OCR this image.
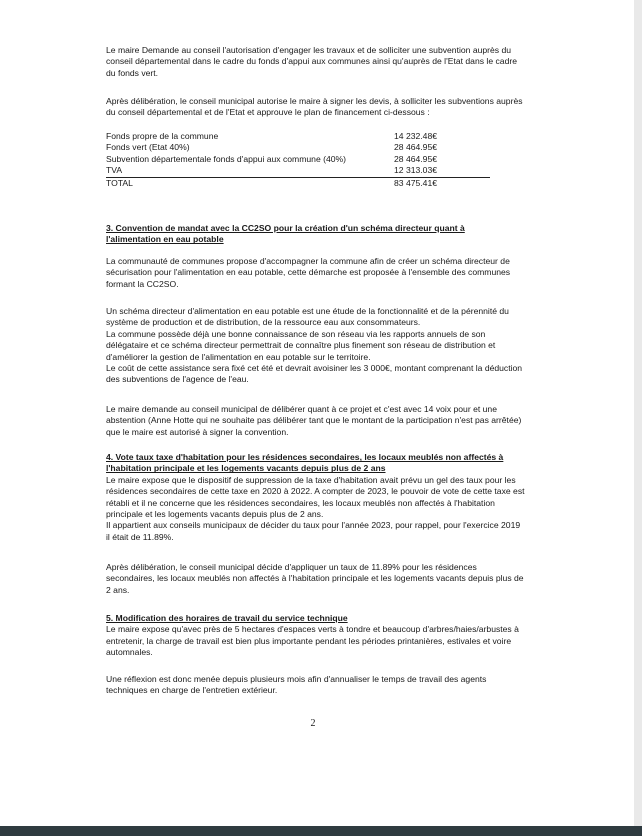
Le maire Demande au conseil l'autorisation d'engager les travaux et de solliciter une subvention auprès du conseil départemental dans le cadre du fonds d'appui aux communes ainsi qu'auprès de l'Etat dans le cadre du fonds vert.

Après délibération, le conseil municipal autorise le maire à signer les devis, à solliciter les subventions auprès du conseil départemental et de l'Etat et approuve le plan de financement ci-dessous :

Fonds propre de la commune	14 232.48€
Fonds vert (Etat 40%)	28 464.95€
Subvention départementale fonds d'appui aux commune (40%)	28 464.95€
TVA	12 313.03€
TOTAL	83 475.41€

3. Convention de mandat avec la CC2SO pour la création d'un schéma directeur quant à

l'alimentation en eau potable

La communauté de communes propose d'accompagner la commune afin de créer un schéma directeur de sécurisation pour l'alimentation en eau potable, cette démarche est proposée à l'ensemble des communes formant la CC2SO.

Un schéma directeur d'alimentation en eau potable est une étude de la fonctionnalité et de la pérennité du système de production et de distribution, de la ressource eau aux consommateurs.

La commune possède déjà une bonne connaissance de son réseau via les rapports annuels de son délégataire et ce schéma directeur permettrait de connaître plus finement son réseau de distribution et d'améliorer la gestion de l'alimentation en eau potable sur le territoire.

Le coût de cette assistance sera fixé cet été et devrait avoisiner les 3 000€, montant comprenant la déduction des subventions de l'agence de l'eau.

Le maire demande au conseil municipal de délibérer quant à ce projet et c'est avec 14 voix pour et une abstention (Anne Hotte qui ne souhaite pas délibérer tant que le montant de la participation n'est pas arrêtée) que le maire est autorisé à signer la convention.

4. Vote taux taxe d'habitation pour les résidences secondaires, les locaux meublés non affectés à

l'habitation principale et les logements vacants depuis plus de 2 ans

Le maire expose que le dispositif de suppression de la taxe d'habitation avait prévu un gel des taux pour les résidences secondaires de cette taxe en 2020 à 2022. A compter de 2023, le pouvoir de vote de cette taxe est rétabli et il ne concerne que les résidences secondaires, les locaux meublés non affectés à l'habitation principale et les logements vacants depuis plus de 2 ans.

Il appartient aux conseils municipaux de décider du taux pour l'année 2023, pour rappel, pour l'exercice 2019 il était de 11.89%.

Après délibération, le conseil municipal décide d'appliquer un taux de 11.89% pour les résidences secondaires, les locaux meublés non affectés à l'habitation principale et les logements vacants depuis plus de 2 ans.

5. Modification des horaires de travail du service technique

Le maire expose qu'avec près de 5 hectares d'espaces verts à tondre et beaucoup d'arbres/haies/arbustes à entretenir, la charge de travail est bien plus importante pendant les périodes printanières, estivales et voire automnales.

Une réflexion est donc menée depuis plusieurs mois afin d'annualiser le temps de travail des agents techniques en charge de l'entretien extérieur.

2
